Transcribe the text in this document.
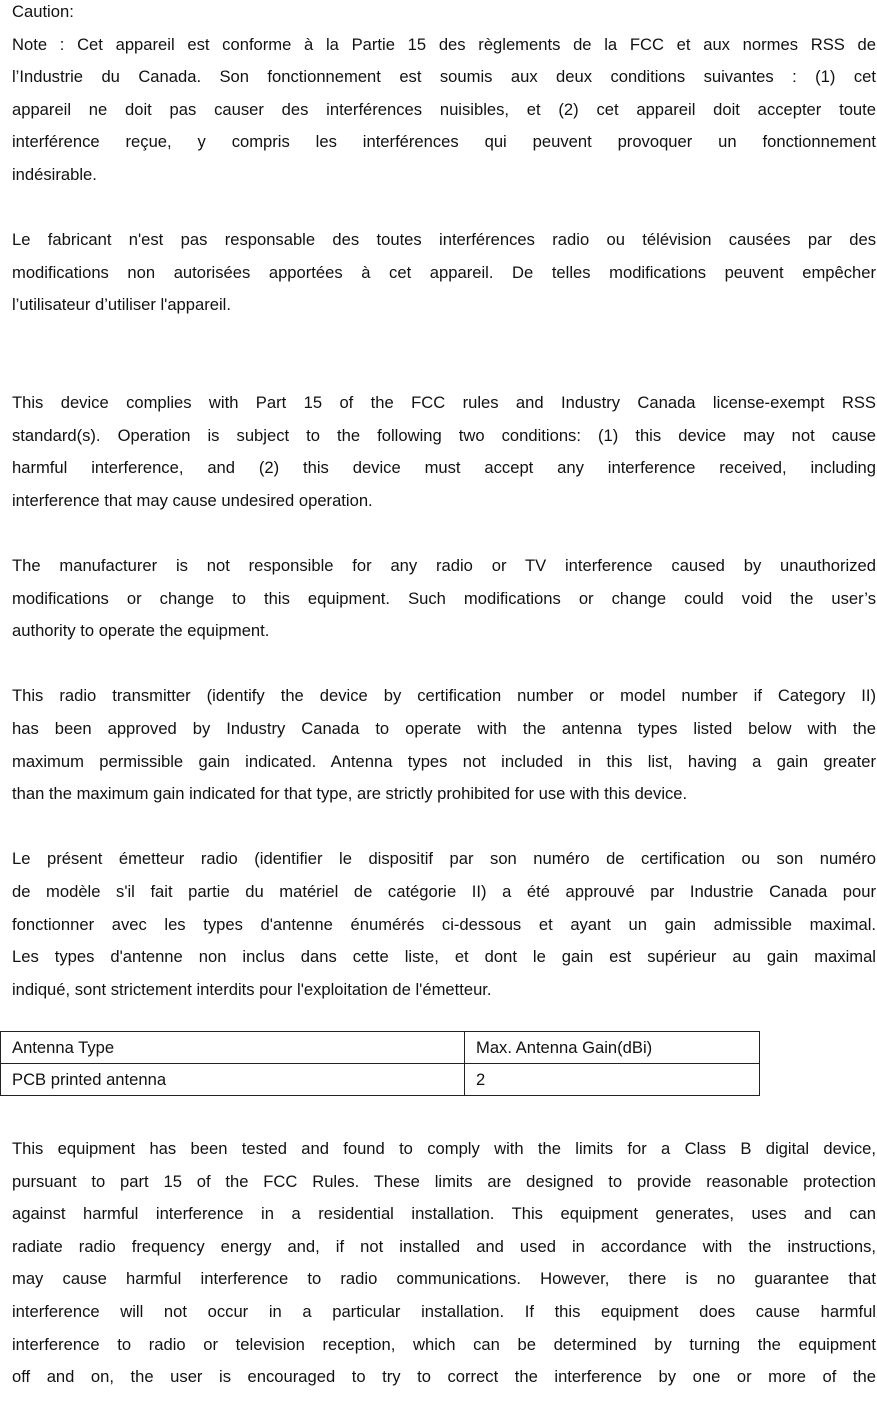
Caution:
Note : Cet appareil est conforme à la Partie 15 des règlements de la FCC et aux normes RSS de
l’Industrie du Canada. Son fonctionnement est soumis aux deux conditions suivantes : (1) cet
appareil ne doit pas causer des interférences nuisibles, et (2) cet appareil doit accepter toute
interférence reçue, y compris les interférences qui peuvent provoquer un fonctionnement
indésirable.
Le fabricant n'est pas responsable des toutes interférences radio ou télévision causées par des
modifications non autorisées apportées à cet appareil. De telles modifications peuvent empêcher
l’utilisateur d’utiliser l'appareil.
This device complies with Part 15 of the FCC rules and Industry Canada license-exempt RSS
standard(s). Operation is subject to the following two conditions: (1) this device may not cause
harmful interference, and (2) this device must accept any interference received, including
interference that may cause undesired operation.
The manufacturer is not responsible for any radio or TV interference caused by unauthorized
modifications or change to this equipment. Such modifications or change could void the user’s
authority to operate the equipment.
This radio transmitter (identify the device by certification number or model number if Category II)
has been approved by Industry Canada to operate with the antenna types listed below with the
maximum permissible gain indicated. Antenna types not included in this list, having a gain greater
than the maximum gain indicated for that type, are strictly prohibited for use with this device.
Le présent émetteur radio (identifier le dispositif par son numéro de certification ou son numéro
de modèle s'il fait partie du matériel de catégorie II) a été approuvé par Industrie Canada pour
fonctionner avec les types d'antenne énumérés ci‑dessous et ayant un gain admissible maximal.
Les types d'antenne non inclus dans cette liste, et dont le gain est supérieur au gain maximal
indiqué, sont strictement interdits pour l'exploitation de l'émetteur.
Antenna Type	Max. Antenna Gain(dBi)
PCB printed antenna	2
This equipment has been tested and found to comply with the limits for a Class B digital device,
pursuant to part 15 of the FCC Rules. These limits are designed to provide reasonable protection
against harmful interference in a residential installation. This equipment generates, uses and can
radiate radio frequency energy and, if not installed and used in accordance with the instructions,
may cause harmful interference to radio communications. However, there is no guarantee that
interference will not occur in a particular installation. If this equipment does cause harmful
interference to radio or television reception, which can be determined by turning the equipment
off and on, the user is encouraged to try to correct the interference by one or more of the
